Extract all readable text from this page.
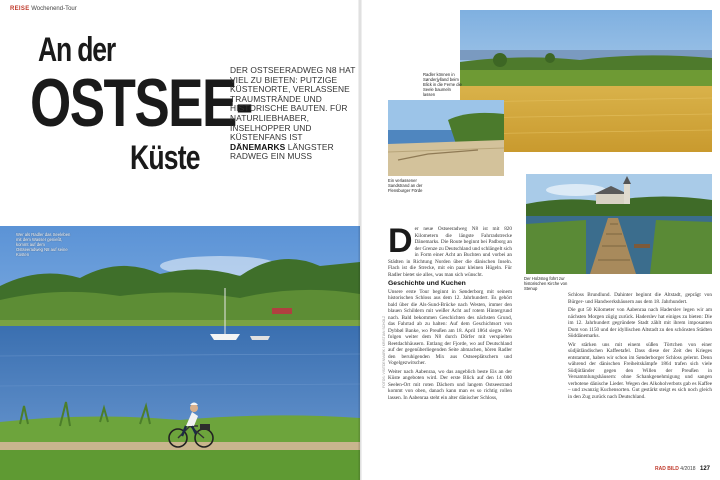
REISE Wochenend-Tour
An der
OSTSEE-
Küste
DER OSTSEERADWEG N8 HAT VIEL ZU BIETEN: PUTZIGE KÜSTENORTE, VERLASSENE TRAUMSTRÄNDE UND HISTORISCHE BAUTEN. FÜR NATURLIEBHABER, INSELHOPPER UND KÜSTENFANS IST DÄNEMARKS LÄNGSTER RADWEG EIN MUSS
Wer als Radler das Seeleben mit dem Wasser genießt, kommt auf dem Ostseeradweg N8 auf seine Kosten
Radler können in Sønderjylland beim Blick in die Ferne die Seele baumeln lassen
Ein verlassener Sandstrand an der Flensburger Förde
Der Holzsteg führt zur historischen Kirche von Stenup
FOTOS: VISITDENMARK / KRISTIAN SCHOLZ
D er neue Ostseeradweg N8 ist mit 820 Kilometern die längste Fahrradstrecke Dänemarks. Die Route beginnt bei Padborg an der Grenze zu Deutschland und schlängelt sich in Form einer Acht an Buchten und vorbei an Städten in Richtung Norden über die dänischen Inseln. Flach ist die Strecke, mit ein paar kleinen Hügeln. Für Radler bietet sie alles, was man sich wünscht.
Geschichte und Kuchen
Unsere erste Tour beginnt in Sønderborg mit seinem historischen Schloss aus dem 12. Jahrhundert. Es gehört bald über die Als-Sund-Brücke nach Westen, immer den blauen Schildern mit weißer Acht auf rotem Hintergrund nach. Bald bekommen Geschichten des nächsten Grund, das Fahrrad ab zu halten: Auf dem Geschichtsort von Dybbøl Banke, wo Preußen am 18. April 1864 siegte. Wir folgen weiter dem N8 durch Dörfer mit verspielten Reetdachhäusern. Entlang der Fjorde, wo auf Deutschland auf der gegenüberliegenden Seite abmachen, hören Radler den beruhigenden Mix aus Ostseeplätschern und Vogelgezwitscher.
Weiter nach Aabenraa, wo das angeblich beste Eis an der Küste angeboten wird. Der erste Blick auf den 14 000 Seelen-Ort mit roten Dächern und langem Ostseestrand kommt von oben, danach kann man es so richtig rollen lassen. In Aabenraa steht ein alter dänischer Schloss,
Schloss Brundlund. Dahinter beginnt die Altstadt, geprägt von Bürger- und Handwerkshäusern aus dem 18. Jahrhundert.
Die gut 50 Kilometer von Aabenraa nach Haderslev legen wir am nächsten Morgen zügig zurück. Haderslev hat einiges zu bieten: Die im 12. Jahrhundert gegründete Stadt zählt mit ihrem imposanten Dom von 1150 und der idyllischen Altstadt zu den schönsten Städten Süddänemarks.
Wir stärken uns mit einem süßen Törtchen von einer südjütländischen Kaffeetafel. Dass diese der Zeit des Krieges entstammt, haben wir schon im Sønderborger Schloss gelernt. Denn während der dänischen Freiheitskämpfe 1864 trafen sich viele Südjütländer gegen den Willen der Preußen in Versammlungshäusern: ohne Schankgenehmigung und sangen verbotene dänische Lieder. Wegen des Alkoholverbots gab es Kaffee – und zwanzig Kuchensorten. Gut gestärkt steigt es sich noch gleich in den Zug zurück nach Deutschland.
RAD BILD 4/2018 127
